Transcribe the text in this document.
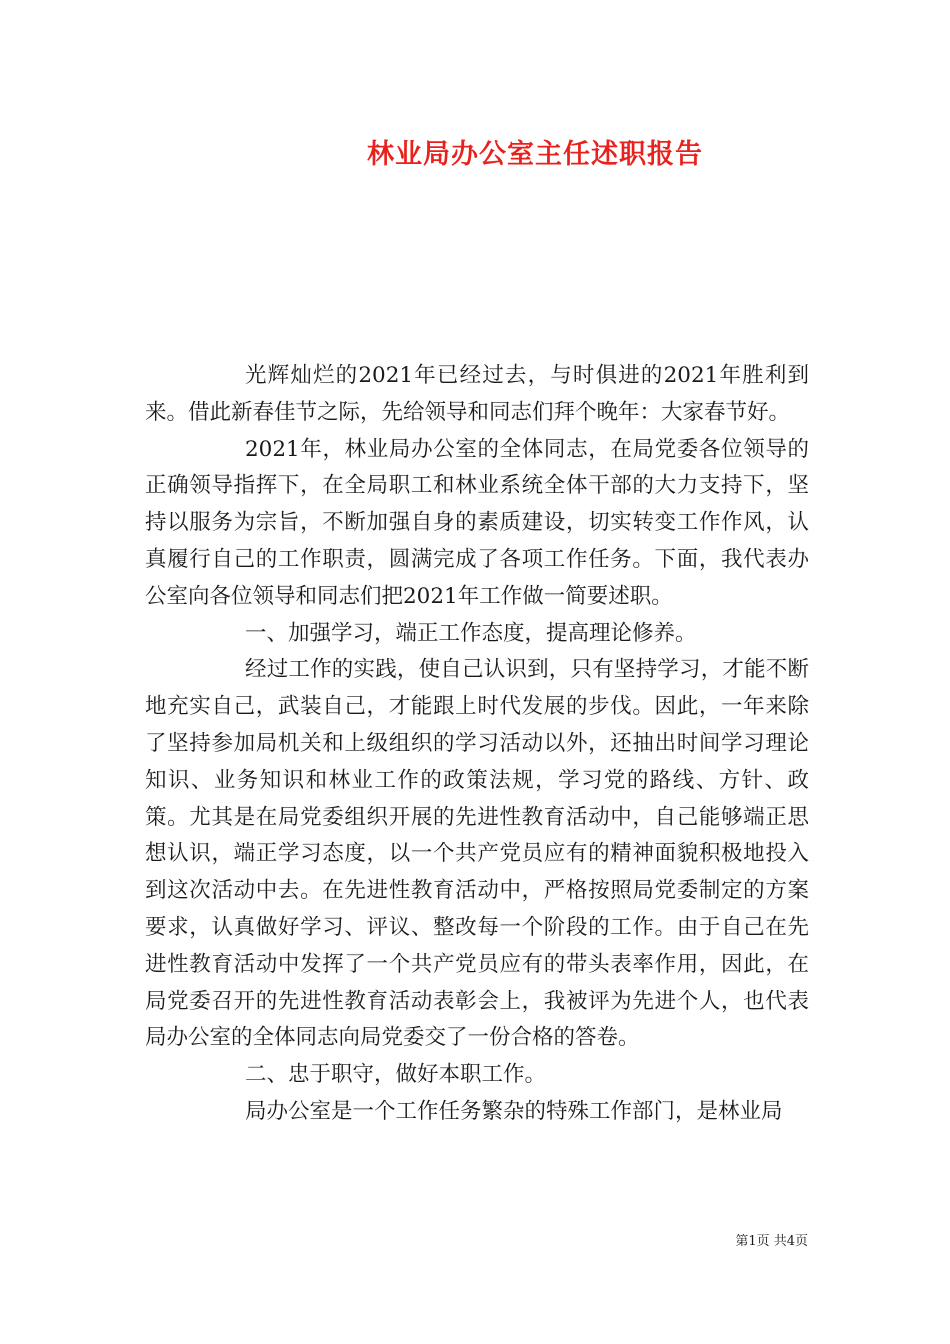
林业局办公室主任述职报告

光辉灿烂的2021年已经过去，与时俱进的2021年胜利到来。借此新春佳节之际，先给领导和同志们拜个晚年：大家春节好。

2021年，林业局办公室的全体同志，在局党委各位领导的正确领导指挥下，在全局职工和林业系统全体干部的大力支持下，坚持以服务为宗旨，不断加强自身的素质建设，切实转变工作作风，认真履行自己的工作职责，圆满完成了各项工作任务。下面，我代表办公室向各位领导和同志们把2021年工作做一简要述职。

一、加强学习，端正工作态度，提高理论修养。

经过工作的实践，使自己认识到，只有坚持学习，才能不断地充实自己，武装自己，才能跟上时代发展的步伐。因此，一年来除了坚持参加局机关和上级组织的学习活动以外，还抽出时间学习理论知识、业务知识和林业工作的政策法规，学习党的路线、方针、政策。尤其是在局党委组织开展的先进性教育活动中，自己能够端正思想认识，端正学习态度，以一个共产党员应有的精神面貌积极地投入到这次活动中去。在先进性教育活动中，严格按照局党委制定的方案要求，认真做好学习、评议、整改每一个阶段的工作。由于自己在先进性教育活动中发挥了一个共产党员应有的带头表率作用，因此，在局党委召开的先进性教育活动表彰会上，我被评为先进个人，也代表局办公室的全体同志向局党委交了一份合格的答卷。

二、忠于职守，做好本职工作。

局办公室是一个工作任务繁杂的特殊工作部门，是林业局

第1页 共4页
